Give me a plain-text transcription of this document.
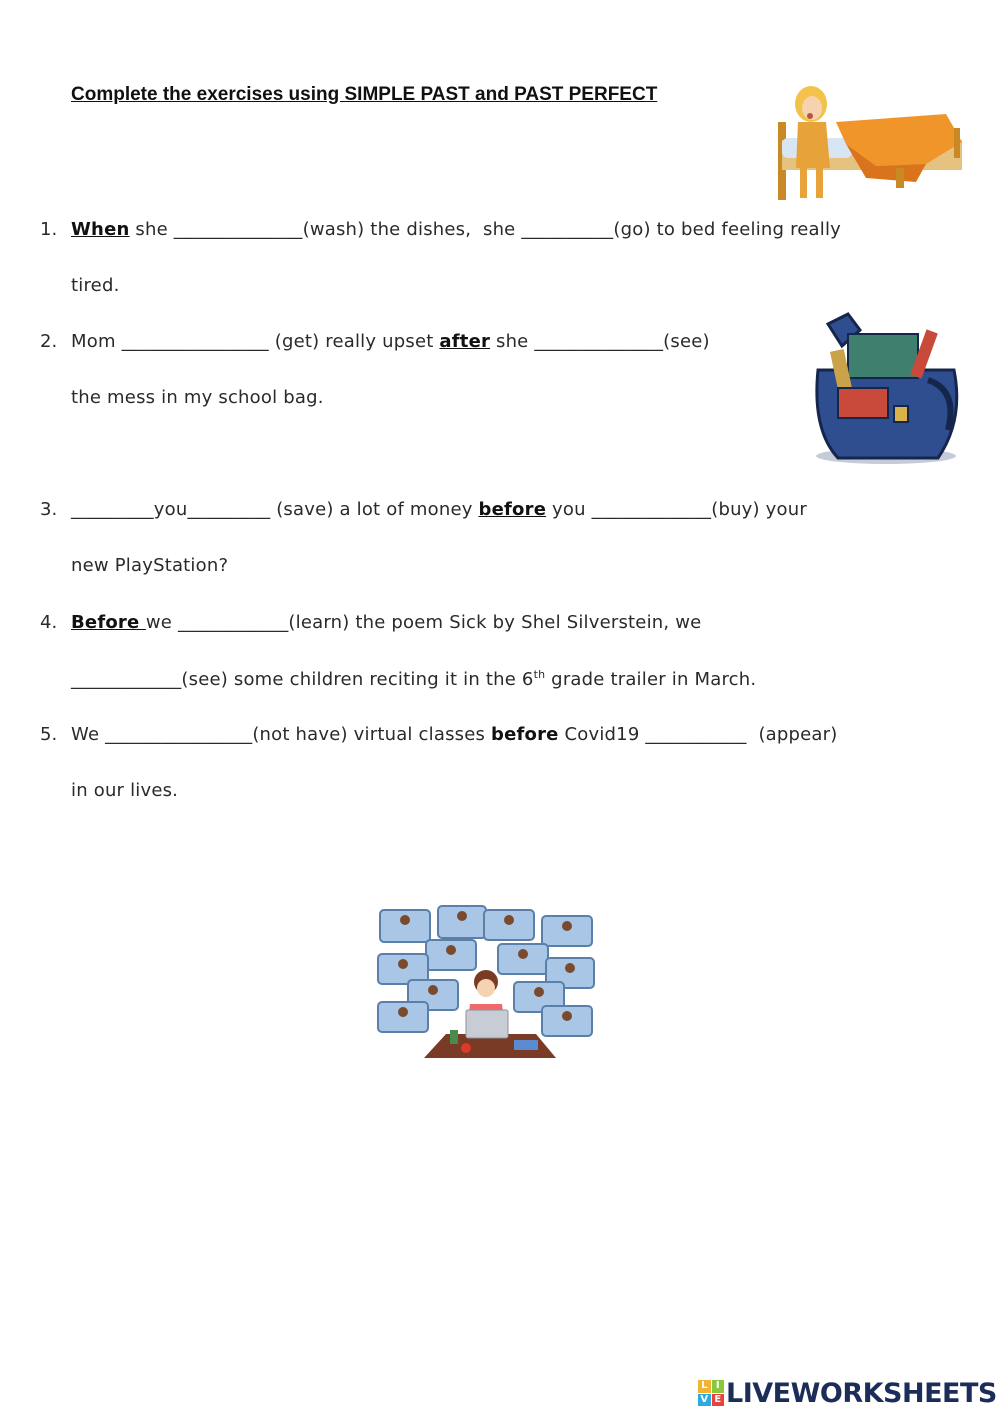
Complete the exercises using SIMPLE PAST and PAST PERFECT
1. When she ______________(wash) the dishes,  she __________(go) to bed feeling really
tired.
2. Mom ________________ (get) really upset after she ______________(see)
the mess in my school bag.
3. _________you_________ (save) a lot of money before you _____________(buy) your
new PlayStation?
4. Before we ____________(learn) the poem Sick by Shel Silverstein, we
____________(see) some children reciting it in the 6th grade trailer in March.
5. We ________________(not have) virtual classes before Covid19 ___________  (appear)
in our lives.
L I
V E LIVEWORKSHEETS
